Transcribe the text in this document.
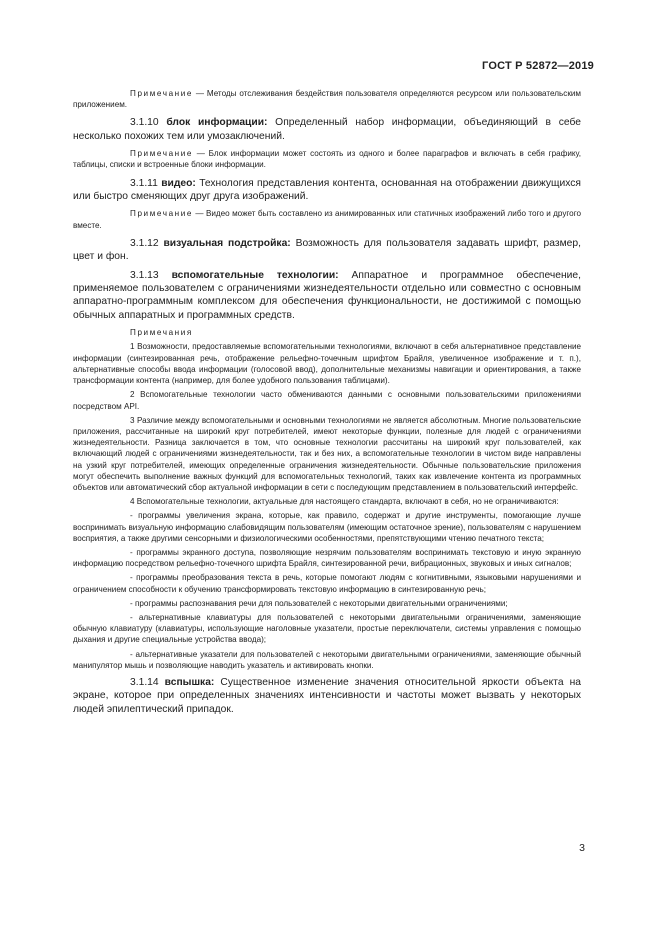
ГОСТ Р 52872—2019

Примечание — Методы отслеживания бездействия пользователя определяются ресурсом или пользовательским приложением.

3.1.10 блок информации: Определенный набор информации, объединяющий в себе несколько похожих тем или умозаключений.

Примечание — Блок информации может состоять из одного и более параграфов и включать в себя графику, таблицы, списки и встроенные блоки информации.

3.1.11 видео: Технология представления контента, основанная на отображении движущихся или быстро сменяющих друг друга изображений.

Примечание — Видео может быть составлено из анимированных или статичных изображений либо того и другого вместе.

3.1.12 визуальная подстройка: Возможность для пользователя задавать шрифт, размер, цвет и фон.

3.1.13 вспомогательные технологии: Аппаратное и программное обеспечение, применяемое пользователем с ограничениями жизнедеятельности отдельно или совместно с основным аппаратно-программным комплексом для обеспечения функциональности, не достижимой с помощью обычных аппаратных и программных средств.

Примечания

1 Возможности, предоставляемые вспомогательными технологиями, включают в себя альтернативное представление информации (синтезированная речь, отображение рельефно-точечным шрифтом Брайля, увеличенное изображение и т. п.), альтернативные способы ввода информации (голосовой ввод), дополнительные механизмы навигации и ориентирования, а также трансформации контента (например, для более удобного пользования таблицами).

2 Вспомогательные технологии часто обмениваются данными с основными пользовательскими приложениями посредством API.

3 Различие между вспомогательными и основными технологиями не является абсолютным. Многие пользовательские приложения, рассчитанные на широкий круг потребителей, имеют некоторые функции, полезные для людей с ограничениями жизнедеятельности. Разница заключается в том, что основные технологии рассчитаны на широкий круг пользователей, как включающий людей с ограничениями жизнедеятельности, так и без них, а вспомогательные технологии в чистом виде направлены на узкий круг потребителей, имеющих определенные ограничения жизнедеятельности. Обычные пользовательские приложения могут обеспечить выполнение важных функций для вспомогательных технологий, таких как извлечение контента из программных объектов или автоматический сбор актуальной информации в сети с последующим представлением в пользовательский интерфейс.

4 Вспомогательные технологии, актуальные для настоящего стандарта, включают в себя, но не ограничиваются:

- программы увеличения экрана, которые, как правило, содержат и другие инструменты, помогающие лучше воспринимать визуальную информацию слабовидящим пользователям (имеющим остаточное зрение), пользователям с нарушением восприятия, а также другими сенсорными и физиологическими особенностями, препятствующими чтению печатного текста;

- программы экранного доступа, позволяющие незрячим пользователям воспринимать текстовую и иную экранную информацию посредством рельефно-точечного шрифта Брайля, синтезированной речи, вибрационных, звуковых и иных сигналов;

- программы преобразования текста в речь, которые помогают людям с когнитивными, языковыми нарушениями и ограничением способности к обучению трансформировать текстовую информацию в синтезированную речь;

- программы распознавания речи для пользователей с некоторыми двигательными ограничениями;

- альтернативные клавиатуры для пользователей с некоторыми двигательными ограничениями, заменяющие обычную клавиатуру (клавиатуры, использующие наголовные указатели, простые переключатели, системы управления с помощью дыхания и другие специальные устройства ввода);

- альтернативные указатели для пользователей с некоторыми двигательными ограничениями, заменяющие обычный манипулятор мышь и позволяющие наводить указатель и активировать кнопки.

3.1.14 вспышка: Существенное изменение значения относительной яркости объекта на экране, которое при определенных значениях интенсивности и частоты может вызвать у некоторых людей эпилептический припадок.

3
